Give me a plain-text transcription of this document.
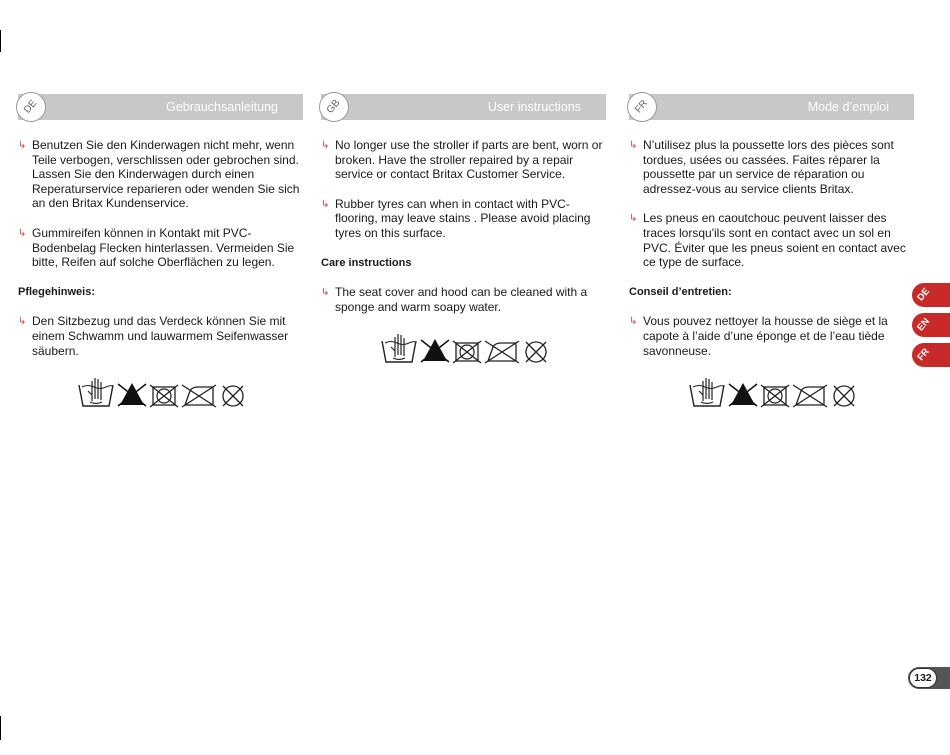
DE	Gebrauchsanleitung

↳ Benutzen Sie den Kinderwagen nicht mehr, wenn Teile verbogen, verschlissen oder gebrochen sind. Lassen Sie den Kinderwagen durch einen Reperaturservice reparieren oder wenden Sie sich an den Britax Kundenservice.

↳ Gummireifen können in Kontakt mit PVC-Bodenbelag Flecken hinterlassen. Vermeiden Sie bitte, Reifen auf solche Oberflächen zu legen.

Pflegehinweis:

↳ Den Sitzbezug und das Verdeck können Sie mit einem Schwamm und lauwarmem Seifenwasser säubern.

GB	User instructions

↳ No longer use the stroller if parts are bent, worn or broken. Have the stroller repaired by a repair service or contact Britax Customer Service.

↳ Rubber tyres can when in contact with PVC-flooring, may leave stains . Please avoid placing tyres on this surface.

Care instructions

↳ The seat cover and hood can be cleaned with a sponge and warm soapy water.

FR	Mode d’emploi

↳ N’utilisez plus la poussette lors des pièces sont tordues, usées ou cassées. Faites réparer la poussette par un service de réparation ou adressez-vous au service clients Britax.

↳ Les pneus en caoutchouc peuvent laisser des traces lorsqu'ils sont en contact avec un sol en PVC. Éviter que les pneus soient en contact avec ce type de surface.

Conseil d’entretien:

↳ Vous pouvez nettoyer la housse de siège et la capote à l’aide d’une éponge et de l’eau tiède savonneuse.

DE
EN
FR
132
